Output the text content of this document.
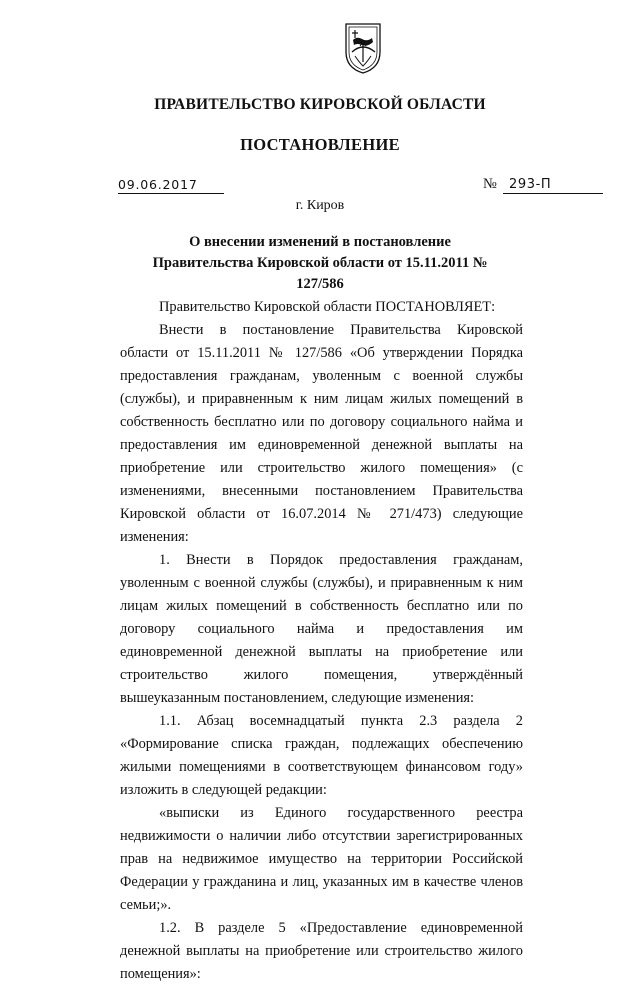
ПРАВИТЕЛЬСТВО КИРОВСКОЙ ОБЛАСТИ
ПОСТАНОВЛЕНИЕ
09.06.2017	№ 293-П
г. Киров
О внесении изменений в постановление Правительства Кировской области от 15.11.2011 № 127/586

Правительство Кировской области ПОСТАНОВЛЯЕТ:

Внести в постановление Правительства Кировской области от 15.11.2011 № 127/586 «Об утверждении Порядка предоставления гражданам, уволенным с военной службы (службы), и приравненным к ним лицам жилых помещений в собственность бесплатно или по договору социального найма и предоставления им единовременной денежной выплаты на приобретение или строительство жилого помещения» (с изменениями, внесенными постановлением Правительства Кировской области от 16.07.2014 № 271/473) следующие изменения:

1. Внести в Порядок предоставления гражданам, уволенным с военной службы (службы), и приравненным к ним лицам жилых помещений в собственность бесплатно или по договору социального найма и предоставления им единовременной денежной выплаты на приобретение или строительство жилого помещения, утверждённый вышеуказанным постановлением, следующие изменения:

1.1. Абзац восемнадцатый пункта 2.3 раздела 2 «Формирование списка граждан, подлежащих обеспечению жилыми помещениями в соответствующем финансовом году» изложить в следующей редакции:

«выписки из Единого государственного реестра недвижимости о наличии либо отсутствии зарегистрированных прав на недвижимое имущество на территории Российской Федерации у гражданина и лиц, указанных им в качестве членов семьи;».

1.2. В разделе 5 «Предоставление единовременной денежной выплаты на приобретение или строительство жилого помещения»:
